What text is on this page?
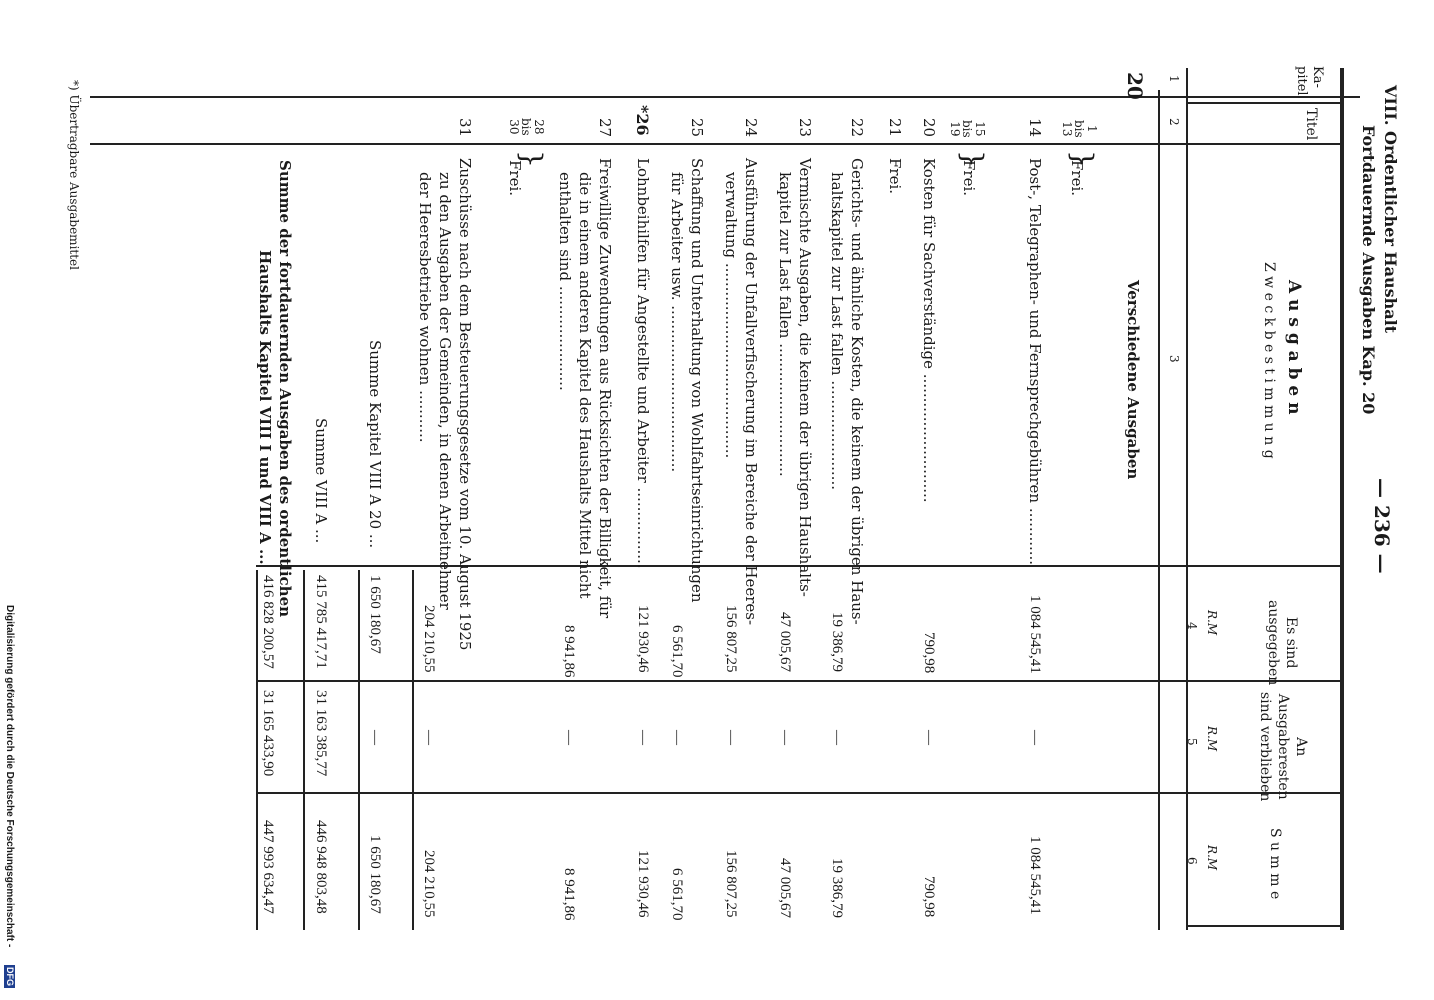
VIII. Ordentlicher Haushalt
Fortdauernde Ausgaben Kap. 20
— 236 —
Ka-
pitel
Titel
A u s g a b e n
Z w e c k b e s t i m m u n g
Es sind
ausgegeben
An
Ausgaberesten
sind verblieben
S u m m e
R.M
R.M
R.M
1
2
3
4
5
6
20
Verschiedene Ausgaben
1
bis
13
}
Frei.
14
Post-, Telegraphen- und Fernsprechgebühren ............
1 084 545,41
—
1 084 545,41
15
bis
19
}
Frei.
20
Kosten für Sachverständige ...........................
790,98
—
790,98
21
Frei.
22
Gerichts- und ähnliche Kosten, die keinem der übrigen Haus-
haltskapitel zur Last fallen .......................
19 386,79
—
19 386,79
23
Vermischte Ausgaben, die keinem der übrigen Haushalts-
kapitel zur Last fallen ............................
47 005,67
—
47 005,67
24
Ausführung der Unfallverfischerung im Bereiche der Heeres-
verwaltung .........................................
156 807,25
—
156 807,25
25
Schaffung und Unterhaltung von Wohlfahrtseinrichtungen
für Arbeiter usw. ...................................
6 561,70
—
6 561,70
*26
Lohnbeihilfen für Angestellte und Arbeiter .................
121 930,46
—
121 930,46
27
Freiwillige Zuwendungen aus Rücksichten der Billigkeit, für
die in einem anderen Kapitel des Haushalts Mittel nicht
enthalten sind ......................
8 941,86
—
8 941,86
28
bis
30
}
Frei.
31
Zuschüsse nach dem Besteuerungsgesetze vom 10. August 1925
zu den Ausgaben der Gemeinden, in denen Arbeitnehmer
der Heeresbetriebe wohnen ...........
204 210,55
—
204 210,55
Summe Kapitel VIII A 20 ...
1 650 180,67
—
1 650 180,67
Summe VIII A ...
415 785 417,71
31 163 385,77
446 948 803,48
Summe der fortdauernden Ausgaben des ordentlichen
Haushalts Kapitel VIII I und VIII A ...
416 828 200,57
31 165 433,90
447 993 634,47
*) Übertragbare Ausgabemittel
Digitalisierung gefördert durch die Deutsche Forschungsgemeinschaft -
DFG
